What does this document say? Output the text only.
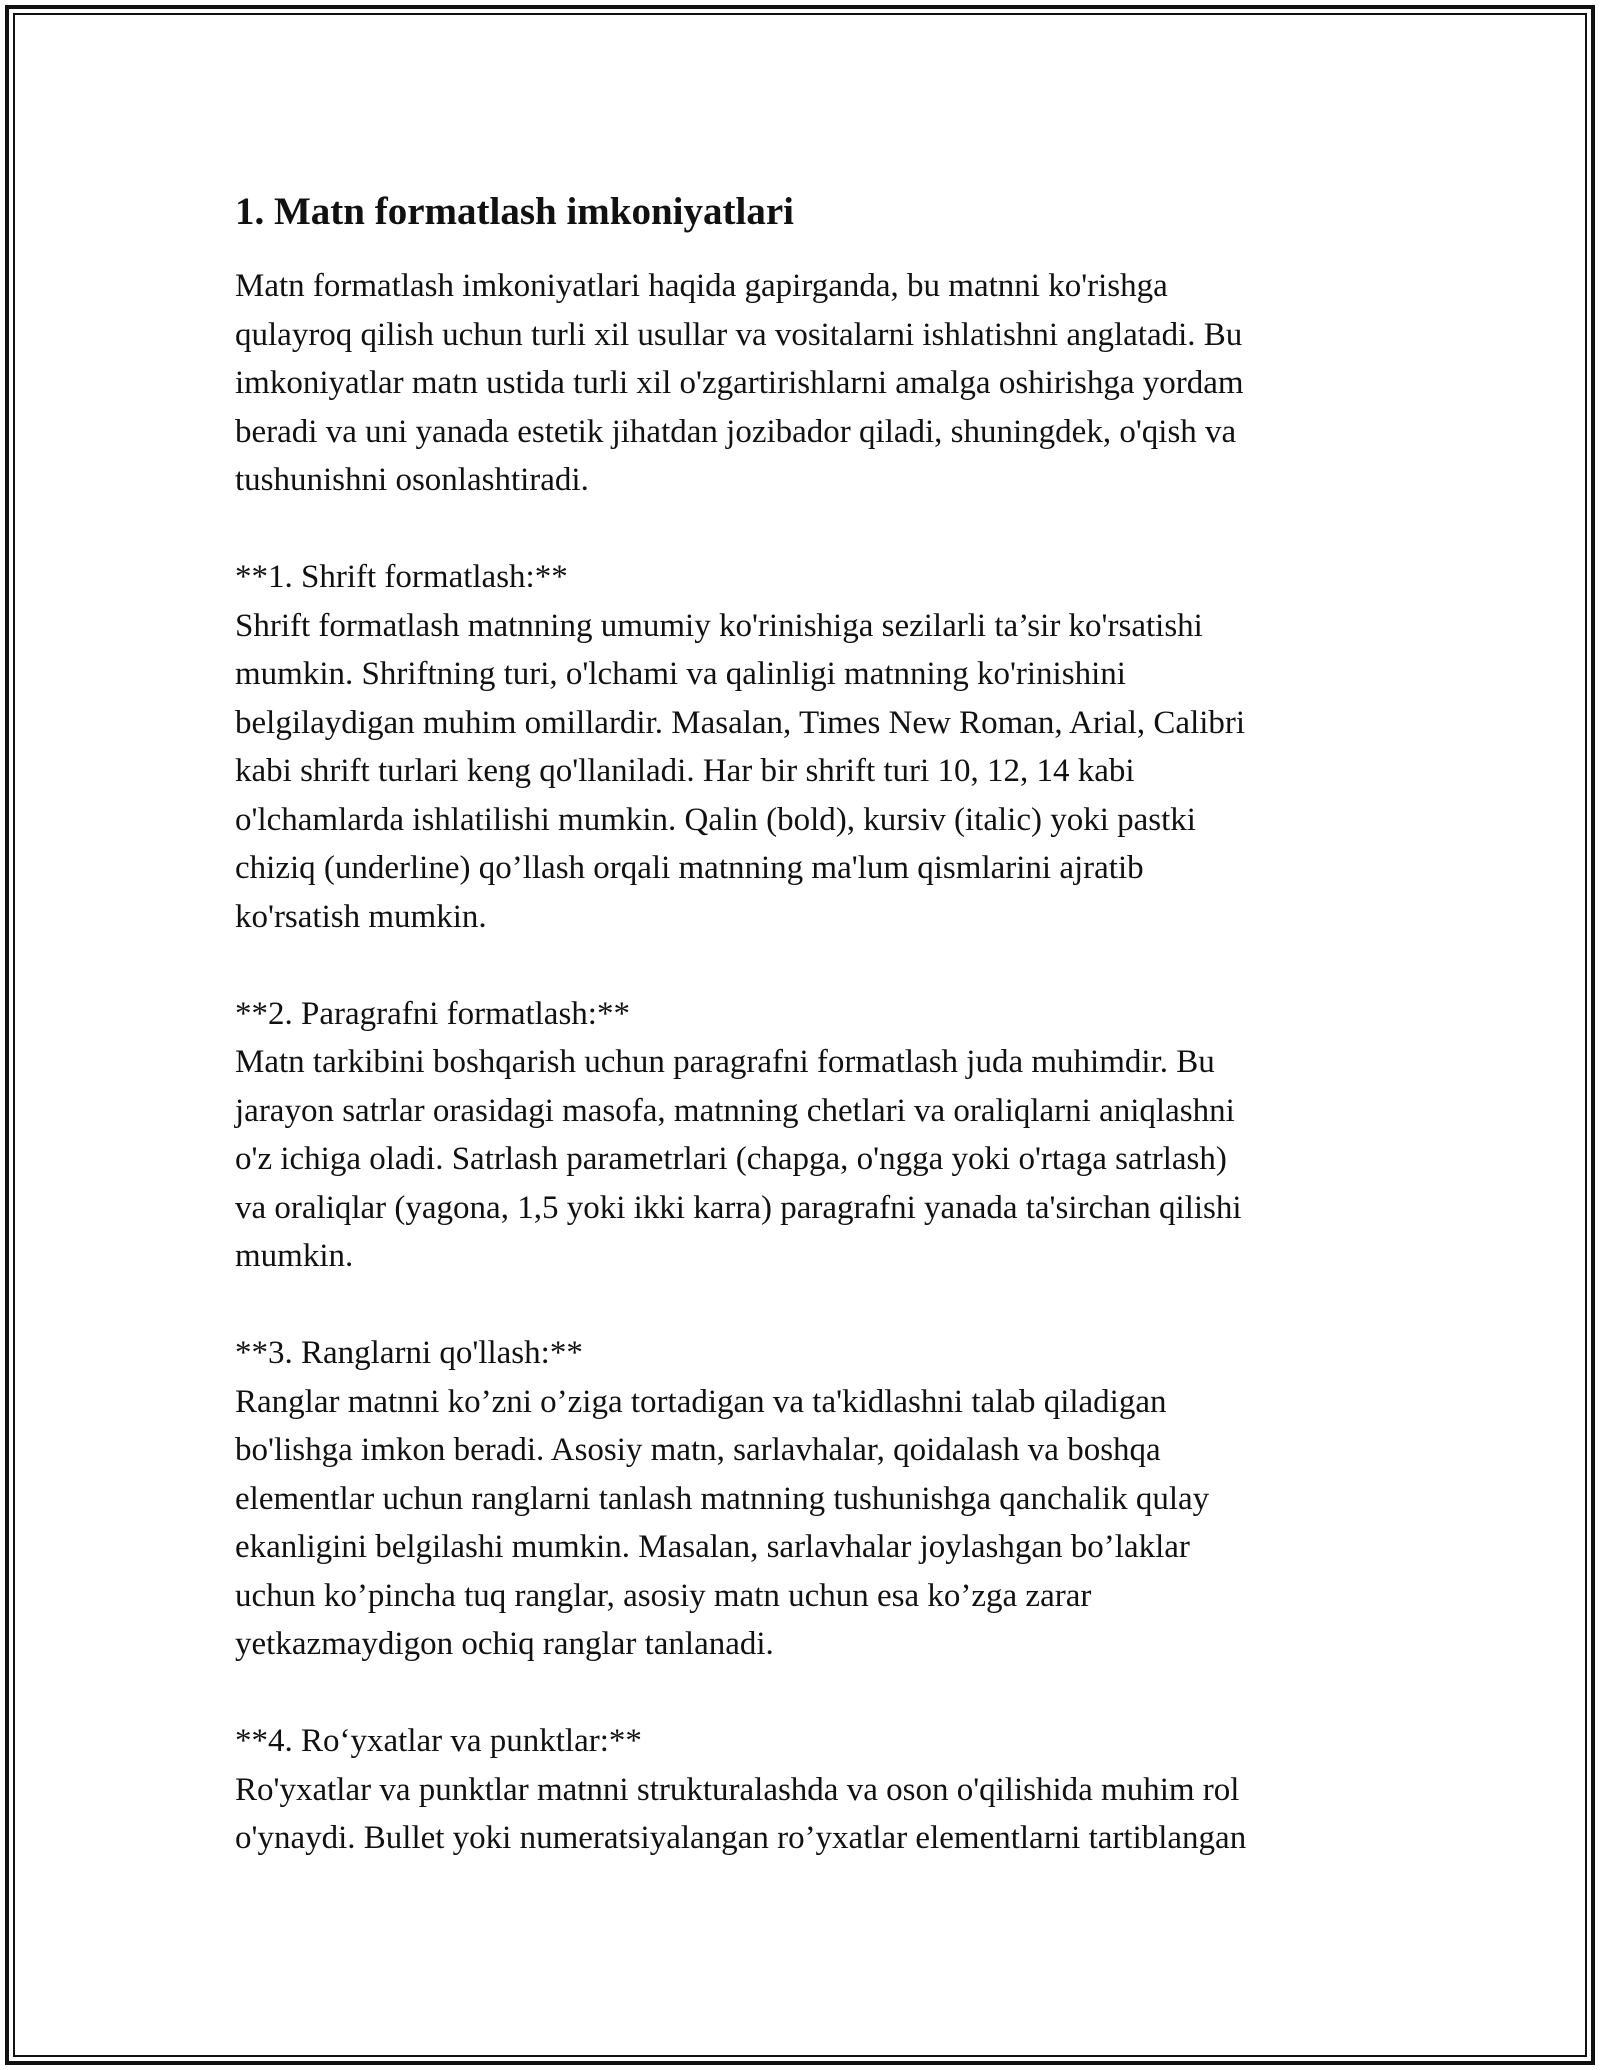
1. Matn formatlash imkoniyatlari
Matn formatlash imkoniyatlari haqida gapirganda, bu matnni ko'rishga
qulayroq qilish uchun turli xil usullar va vositalarni ishlatishni anglatadi. Bu
imkoniyatlar matn ustida turli xil o'zgartirishlarni amalga oshirishga yordam
beradi va uni yanada estetik jihatdan jozibador qiladi, shuningdek, o'qish va
tushunishni osonlashtiradi.
**1. Shrift formatlash:**
Shrift formatlash matnning umumiy ko'rinishiga sezilarli ta’sir ko'rsatishi
mumkin. Shriftning turi, o'lchami va qalinligi matnning ko'rinishini
belgilaydigan muhim omillardir. Masalan, Times New Roman, Arial, Calibri
kabi shrift turlari keng qo'llaniladi. Har bir shrift turi 10, 12, 14 kabi
o'lchamlarda ishlatilishi mumkin. Qalin (bold), kursiv (italic) yoki pastki
chiziq (underline) qo’llash orqali matnning ma'lum qismlarini ajratib
ko'rsatish mumkin.
**2. Paragrafni formatlash:**
Matn tarkibini boshqarish uchun paragrafni formatlash juda muhimdir. Bu
jarayon satrlar orasidagi masofa, matnning chetlari va oraliqlarni aniqlashni
o'z ichiga oladi. Satrlash parametrlari (chapga, o'ngga yoki o'rtaga satrlash)
va oraliqlar (yagona, 1,5 yoki ikki karra) paragrafni yanada ta'sirchan qilishi
mumkin.
**3. Ranglarni qo'llash:**
Ranglar matnni ko’zni o’ziga tortadigan va ta'kidlashni talab qiladigan
bo'lishga imkon beradi. Asosiy matn, sarlavhalar, qoidalash va boshqa
elementlar uchun ranglarni tanlash matnning tushunishga qanchalik qulay
ekanligini belgilashi mumkin. Masalan, sarlavhalar joylashgan bo’laklar
uchun ko’pincha tuq ranglar, asosiy matn uchun esa ko’zga zarar
yetkazmaydigon ochiq ranglar tanlanadi.
**4. Ro‘yxatlar va punktlar:**
Ro'yxatlar va punktlar matnni strukturalashda va oson o'qilishida muhim rol
o'ynaydi. Bullet yoki numeratsiyalangan ro’yxatlar elementlarni tartiblangan
